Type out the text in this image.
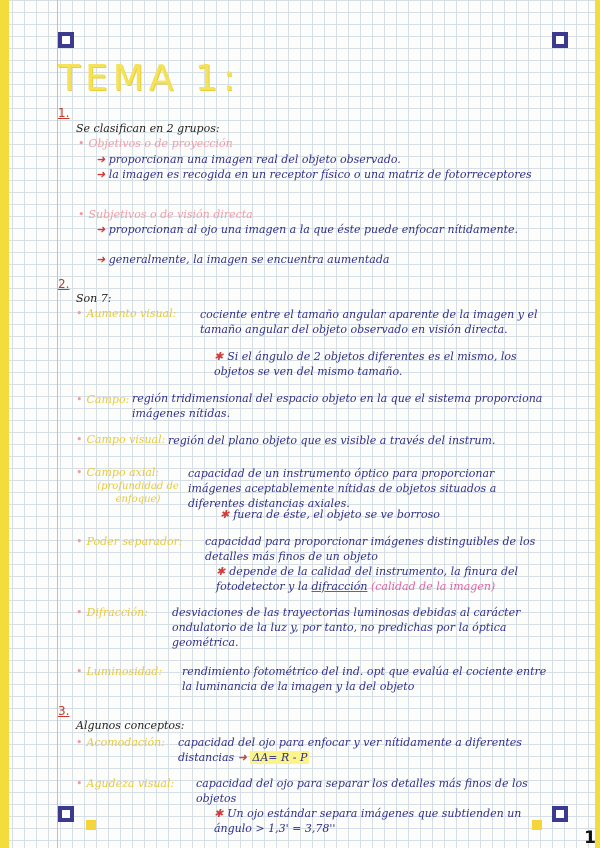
TEMA 1:
1.
Se clasifican en 2 grupos:
• Objetivos o de proyección
➜ proporcionan una imagen real del objeto observado.
➜ la imagen es recogida en un receptor físico o una matriz de fotorreceptores
• Subjetivos o de visión directa
➜ proporcionan al ojo una imagen a la que éste puede enfocar nítidamente.
➜ generalmente, la imagen se encuentra aumentada
2.
Son 7:
• Aumento visual: cociente entre el tamaño angular aparente de la imagen y el tamaño angular del objeto observado en visión directa.
✱ Si el ángulo de 2 objetos diferentes es el mismo, los objetos se ven del mismo tamaño.
• Campo: región tridimensional del espacio objeto en la que el sistema proporciona imágenes nítidas.
• Campo visual: región del plano objeto que es visible a través del instrum.
• Campo axial:
(profundidad de enfoque)
capacidad de un instrumento óptico para proporcionar imágenes aceptablemente nítidas de objetos situados a diferentes distancias axiales.
✱ fuera de éste, el objeto se ve borroso
• Poder separador: capacidad para proporcionar imágenes distinguibles de los detalles más finos de un objeto
✱ depende de la calidad del instrumento, la finura del fotodetector y la difracción (calidad de la imagen)
• Difracción: desviaciones de las trayectorias luminosas debidas al carácter ondulatorio de la luz y, por tanto, no predichas por la óptica geométrica.
• Luminosidad: rendimiento fotométrico del ind. opt que evalúa el cociente entre la luminancia de la imagen y la del objeto
3.
Algunos conceptos:
• Acomodación: capacidad del ojo para enfocar y ver nítidamente a diferentes distancias ➜ ΔA= R - P
• Agudeza visual: capacidad del ojo para separar los detalles más finos de los objetos
✱ Un ojo estándar separa imágenes que subtienden un ángulo > 1,3' = 3,78''	1
